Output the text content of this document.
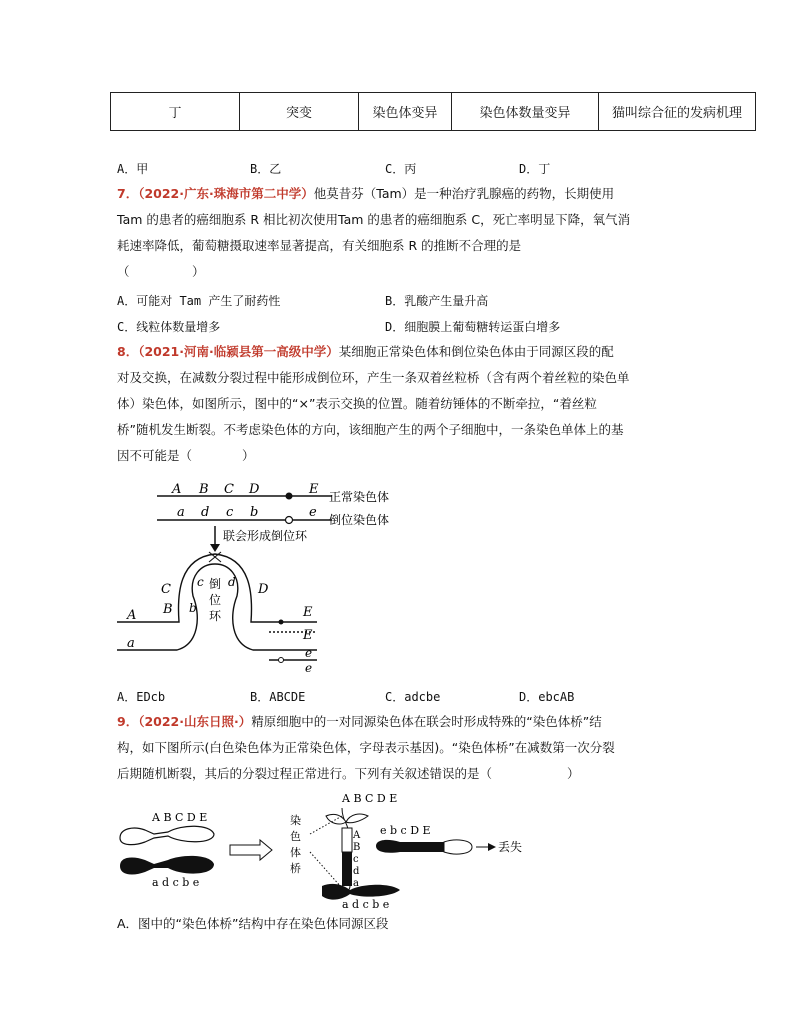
丁	突变	染色体变异	染色体数量变异	猫叫综合征的发病机理
A．甲	B．乙	C．丙	D．丁
7．（2022·广东·珠海市第二中学）他莫昔芬（Tam）是一种治疗乳腺癌的药物，长期使用
Tam 的患者的癌细胞系 R 相比初次使用Tam 的患者的癌细胞系 C，死亡率明显下降，氧气消
耗速率降低，葡萄糖摄取速率显著提高，有关细胞系 R 的推断不合理的是
（　　　　　）
A．可能对 Tam 产生了耐药性	B．乳酸产生量升高
C．线粒体数量增多	D．细胞膜上葡萄糖转运蛋白增多
8．（2021·河南·临颍县第一高级中学）某细胞正常染色体和倒位染色体由于同源区段的配
对及交换，在减数分裂过程中能形成倒位环，产生一条双着丝粒桥（含有两个着丝粒的染色单
体）染色体，如图所示，图中的“×”表示交换的位置。随着纺锤体的不断牵拉，“着丝粒
桥”随机发生断裂。不考虑染色体的方向，该细胞产生的两个子细胞中，一条染色单体上的基
因不可能是（　　　　）
A B C D	E 正常染色体
a d c b	e 倒位染色体
联会形成倒位环
C
B
c
b
d D
A
a
E
E
e
e
倒
位
环
A．EDcb	B．ABCDE	C．adcbe	D．ebcAB
9．（2022·山东日照·）精原细胞中的一对同源染色体在联会时形成特殊的“染色体桥”结
构，如下图所示(白色染色体为正常染色体，字母表示基因)。“染色体桥”在减数第一次分裂
后期随机断裂，其后的分裂过程正常进行。下列有关叙述错误的是（　　　　　　）
A B C D E
a d c b e
A B C D E
A
B
c
d
a
a d c b e
染
色
体
桥
e b c D E
丢失
A．图中的“染色体桥”结构中存在染色体同源区段
